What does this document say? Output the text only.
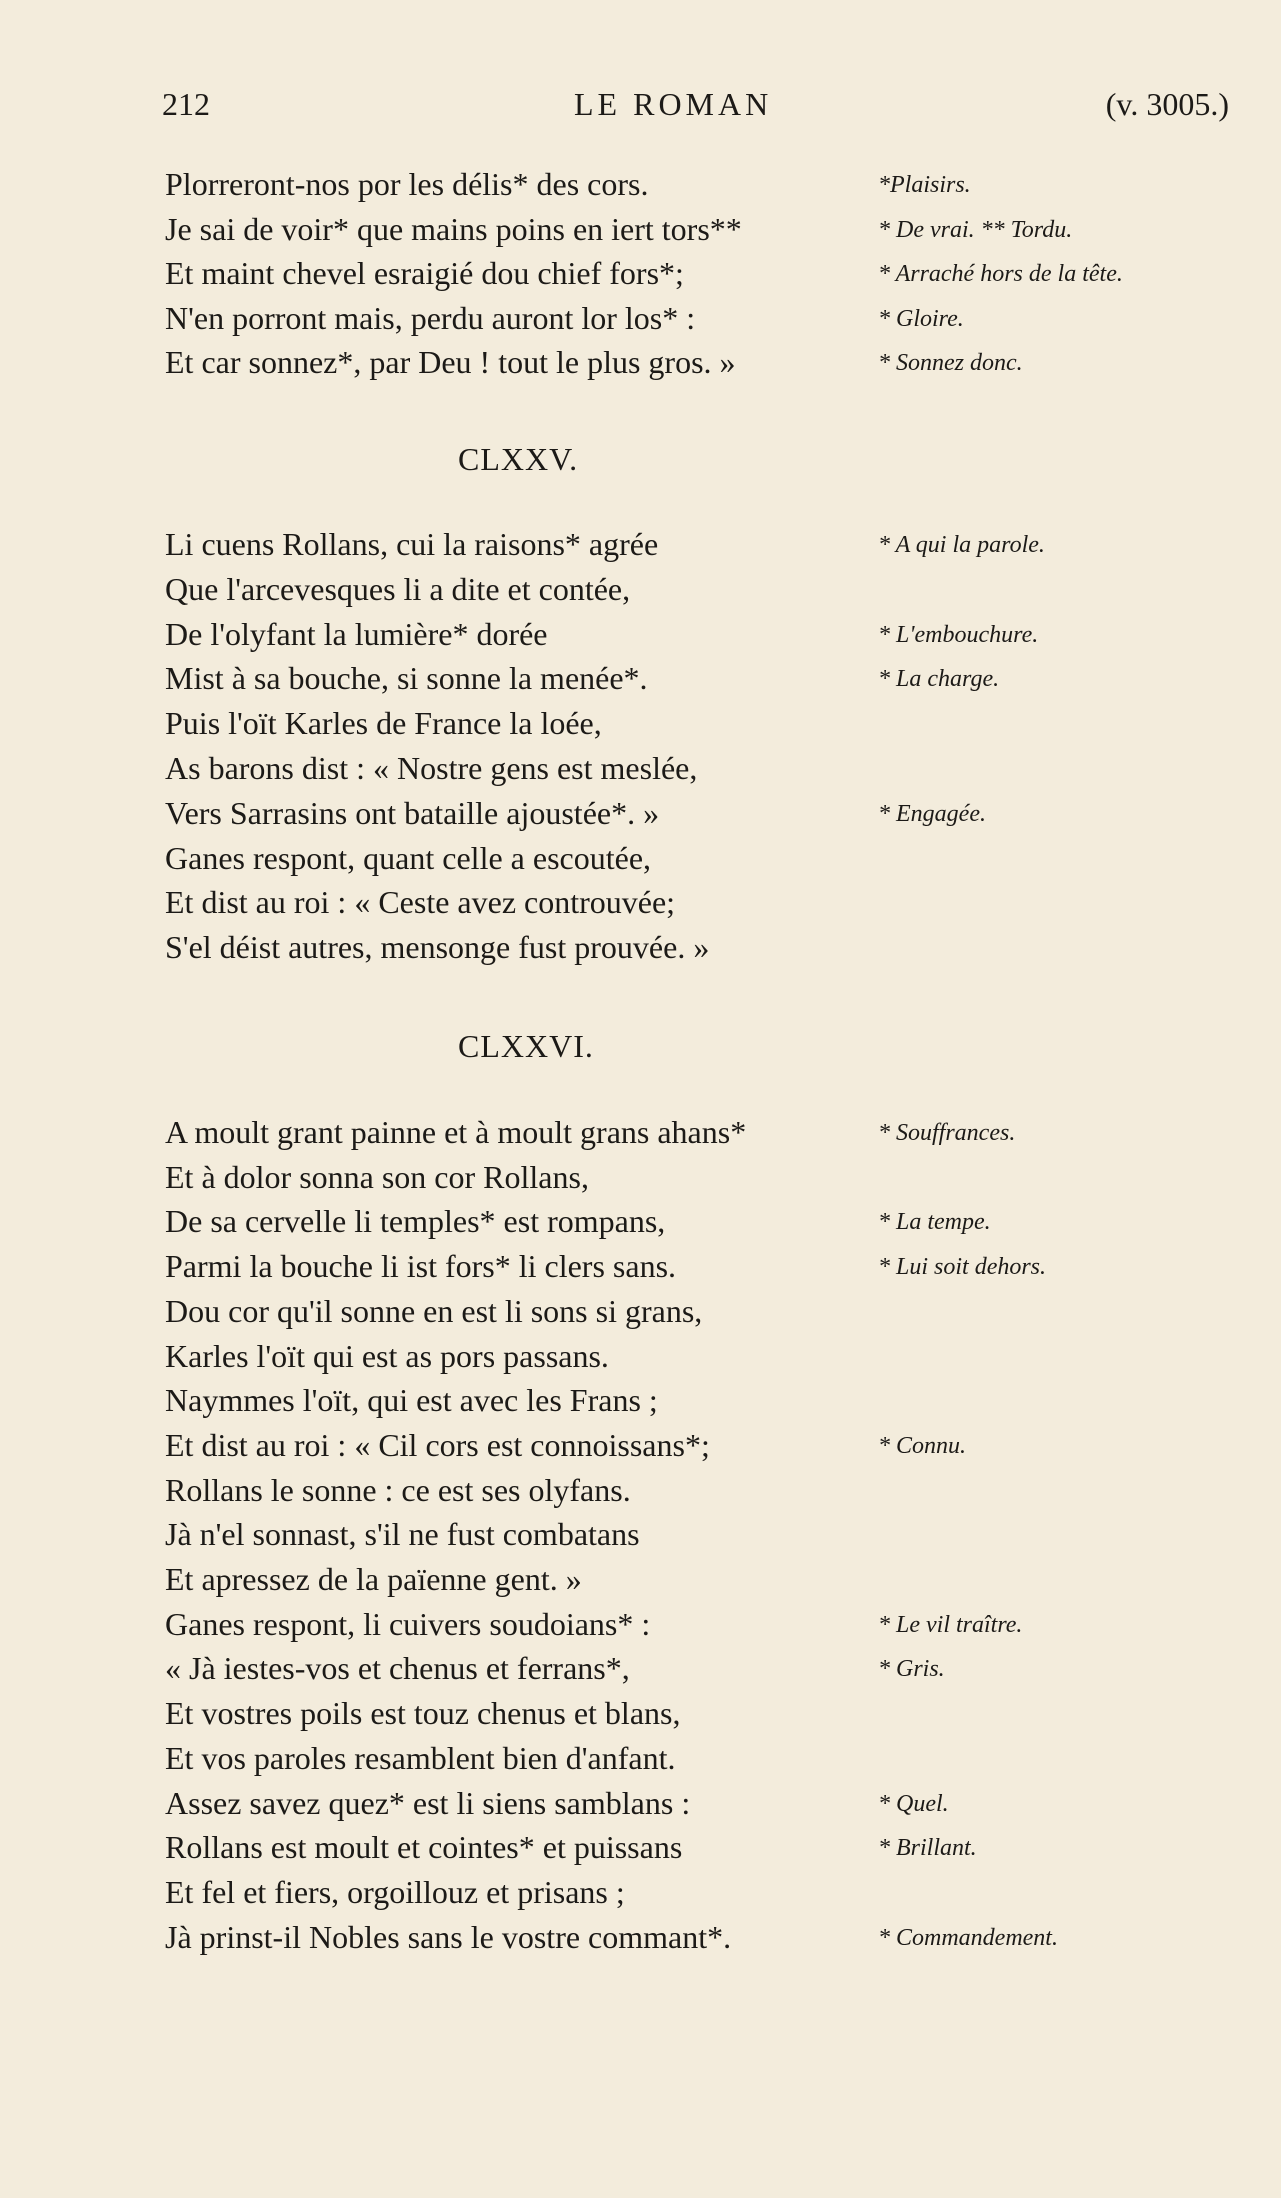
212	LE ROMAN	(v. 3005.)
Plorreront-nos por les délis* des cors.	*Plaisirs.
Je sai de voir* que mains poins en iert tors**	* De vrai. ** Tordu.
Et maint chevel esraigié dou chief fors*;	* Arraché hors de la tête.
N'en porront mais, perdu auront lor los* :	* Gloire.
Et car sonnez*, par Deu ! tout le plus gros. »	* Sonnez donc.
CLXXV.
Li cuens Rollans, cui la raisons* agrée	* A qui la parole.
Que l'arcevesques li a dite et contée,
De l'olyfant la lumière* dorée	* L'embouchure.
Mist à sa bouche, si sonne la menée*.	* La charge.
Puis l'oït Karles de France la loée,
As barons dist : « Nostre gens est meslée,
Vers Sarrasins ont bataille ajoustée*. »	* Engagée.
Ganes respont, quant celle a escoutée,
Et dist au roi : « Ceste avez controuvée;
S'el déist autres, mensonge fust prouvée. »
CLXXVI.
A moult grant painne et à moult grans ahans*	* Souffrances.
Et à dolor sonna son cor Rollans,
De sa cervelle li temples* est rompans,	* La tempe.
Parmi la bouche li ist fors* li clers sans.	* Lui soit dehors.
Dou cor qu'il sonne en est li sons si grans,
Karles l'oït qui est as pors passans.
Naymmes l'oït, qui est avec les Frans ;
Et dist au roi : « Cil cors est connoissans*;	* Connu.
Rollans le sonne : ce est ses olyfans.
Jà n'el sonnast, s'il ne fust combatans
Et apressez de la païenne gent. »
Ganes respont, li cuivers soudoians* :	* Le vil traître.
« Jà iestes-vos et chenus et ferrans*,	* Gris.
Et vostres poils est touz chenus et blans,
Et vos paroles resamblent bien d'anfant.
Assez savez quez* est li siens samblans :	* Quel.
Rollans est moult et cointes* et puissans	* Brillant.
Et fel et fiers, orgoillouz et prisans ;
Jà prinst-il Nobles sans le vostre commant*.	* Commandement.
